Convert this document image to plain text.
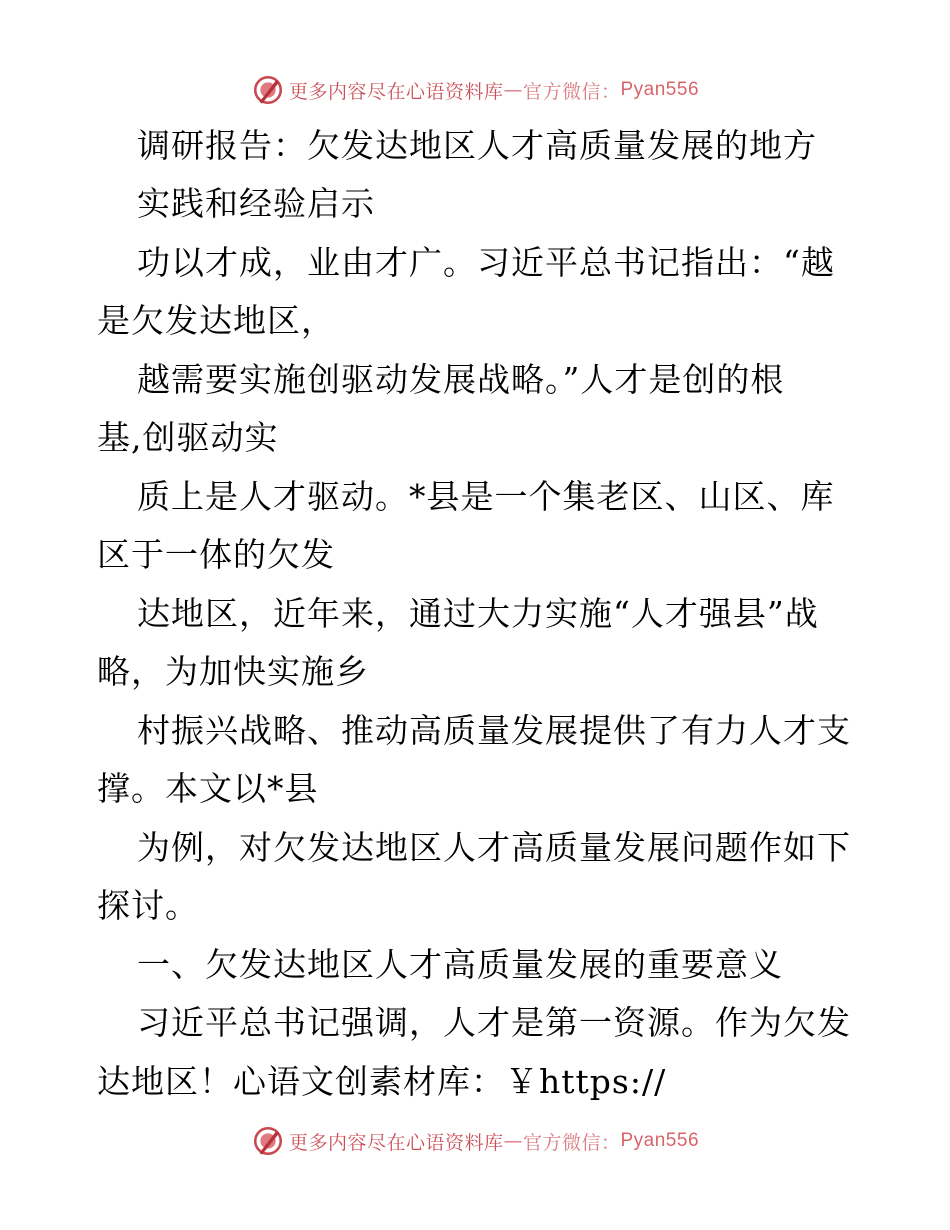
更多内容尽在心语资料库 — 官方微信： Pyan556
调研报告：欠发达地区人才高质量发展的地方
实践和经验启示
功以才成，业由才广。习近平总书记指出：“越
是欠发达地区，
越需要实施创驱动发展战略。”人才是创的根
基,创驱动实
质上是人才驱动。*县是一个集老区、山区、库
区于一体的欠发
达地区，近年来，通过大力实施“人才强县”战
略，为加快实施乡
村振兴战略、推动高质量发展提供了有力人才支
撑。本文以*县
为例，对欠发达地区人才高质量发展问题作如下
探讨。
一、欠发达地区人才高质量发展的重要意义
习近平总书记强调，人才是第一资源。作为欠发
达地区！心语文创素材库：￥https://
更多内容尽在心语资料库 — 官方微信： Pyan556
